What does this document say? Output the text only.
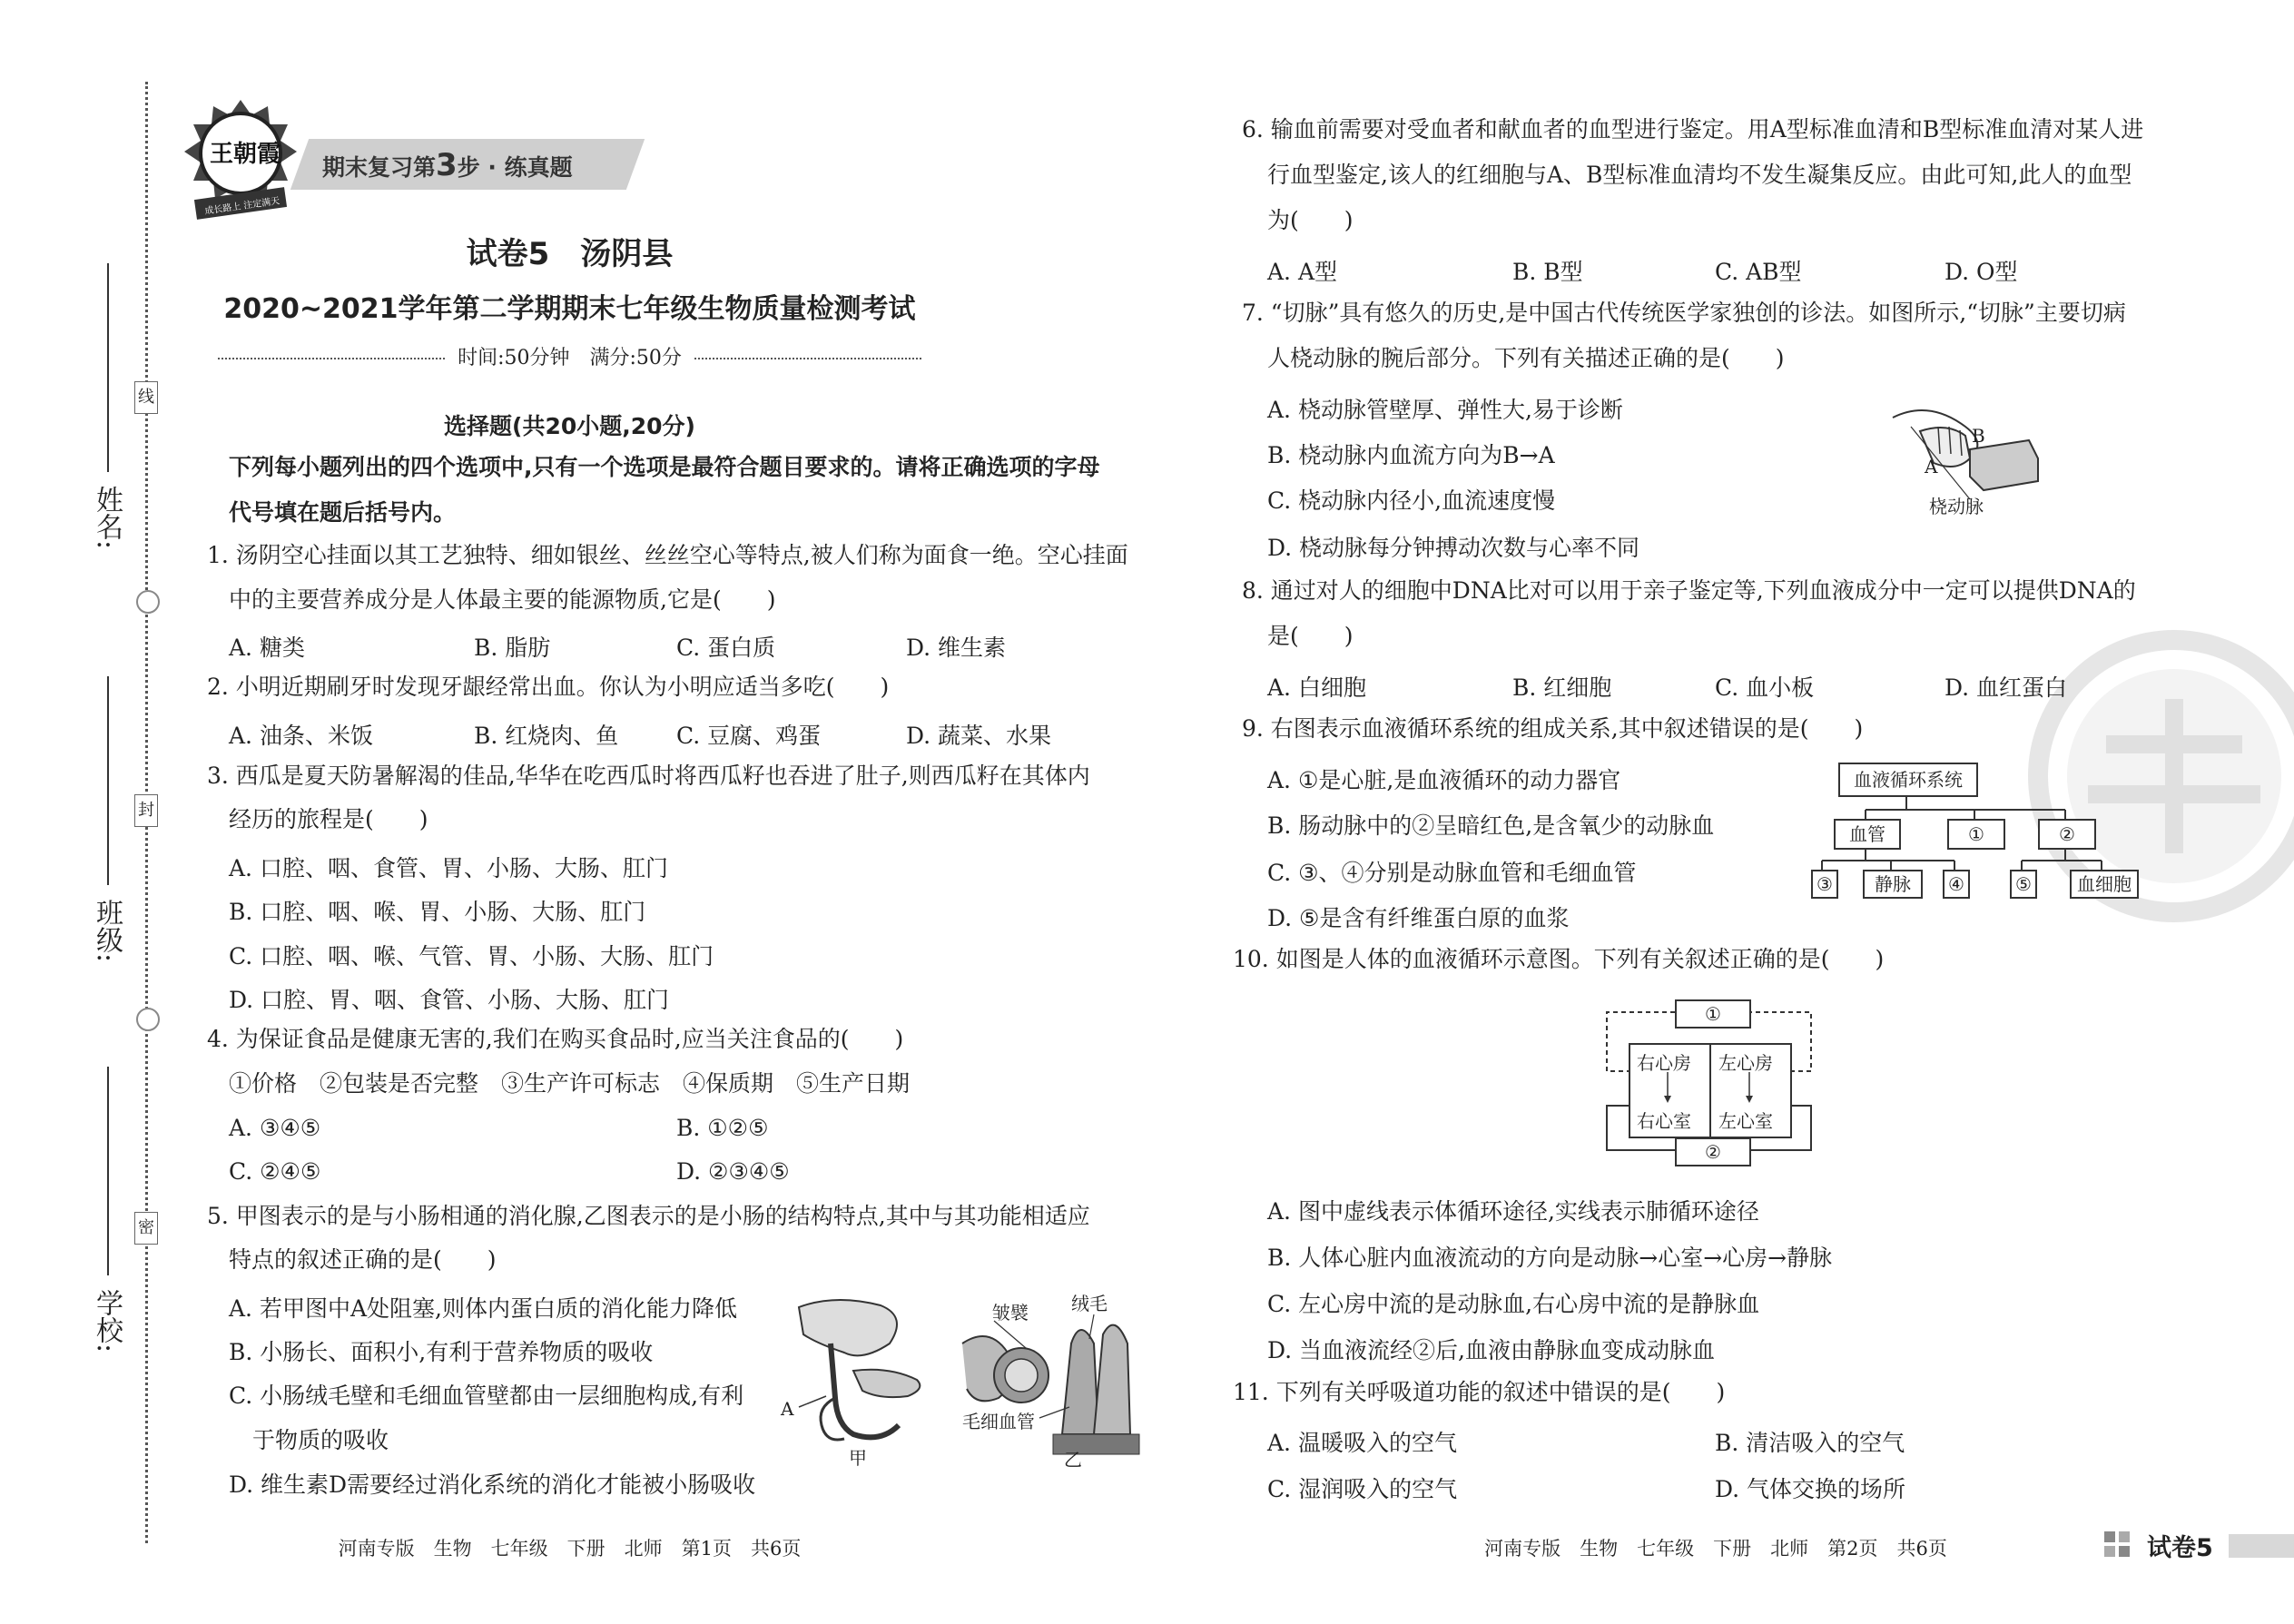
线
封
密
姓名:
班级:
学校:
王朝霞
成长路上 注定满天
期末复习第3步 · 练真题
试卷5　汤阴县
2020~2021学年第二学期期末七年级生物质量检测考试
时间:50分钟　满分:50分
选择题(共20小题,20分)
下列每小题列出的四个选项中,只有一个选项是最符合题目要求的。请将正确选项的字母
代号填在题后括号内。
1. 汤阴空心挂面以其工艺独特、细如银丝、丝丝空心等特点,被人们称为面食一绝。空心挂面
中的主要营养成分是人体最主要的能源物质,它是(　　)
A. 糖类	B. 脂肪	C. 蛋白质	D. 维生素
2. 小明近期刷牙时发现牙龈经常出血。你认为小明应适当多吃(　　)
A. 油条、米饭	B. 红烧肉、鱼	C. 豆腐、鸡蛋	D. 蔬菜、水果
3. 西瓜是夏天防暑解渴的佳品,华华在吃西瓜时将西瓜籽也吞进了肚子,则西瓜籽在其体内
经历的旅程是(　　)
A. 口腔、咽、食管、胃、小肠、大肠、肛门
B. 口腔、咽、喉、胃、小肠、大肠、肛门
C. 口腔、咽、喉、气管、胃、小肠、大肠、肛门
D. 口腔、胃、咽、食管、小肠、大肠、肛门
4. 为保证食品是健康无害的,我们在购买食品时,应当关注食品的(　　)
①价格　②包装是否完整　③生产许可标志　④保质期　⑤生产日期
A. ③④⑤	B. ①②⑤
C. ②④⑤	D. ②③④⑤
5. 甲图表示的是与小肠相通的消化腺,乙图表示的是小肠的结构特点,其中与其功能相适应
特点的叙述正确的是(　　)
A. 若甲图中A处阻塞,则体内蛋白质的消化能力降低
B. 小肠长、面积小,有利于营养物质的吸收
C. 小肠绒毛壁和毛细血管壁都由一层细胞构成,有利
于物质的吸收
D. 维生素D需要经过消化系统的消化才能被小肠吸收
A
甲	乙
皱襞 绒毛
毛细血管
河南专版　生物　七年级　下册　北师　第1页　共6页
6. 输血前需要对受血者和献血者的血型进行鉴定。用A型标准血清和B型标准血清对某人进
行血型鉴定,该人的红细胞与A、B型标准血清均不发生凝集反应。由此可知,此人的血型
为(　　)
A. A型	B. B型	C. AB型	D. O型
7. “切脉”具有悠久的历史,是中国古代传统医学家独创的诊法。如图所示,“切脉”主要切病
人桡动脉的腕后部分。下列有关描述正确的是(　　)
A. 桡动脉管壁厚、弹性大,易于诊断
B. 桡动脉内血流方向为B→A
C. 桡动脉内径小,血流速度慢
D. 桡动脉每分钟搏动次数与心率不同
A
B
桡动脉
8. 通过对人的细胞中DNA比对可以用于亲子鉴定等,下列血液成分中一定可以提供DNA的
是(　　)
A. 白细胞	B. 红细胞	C. 血小板	D. 血红蛋白
9. 右图表示血液循环系统的组成关系,其中叙述错误的是(　　)
A. ①是心脏,是血液循环的动力器官
B. 肠动脉中的②呈暗红色,是含氧少的动脉血
C. ③、④分别是动脉血管和毛细血管
D. ⑤是含有纤维蛋白原的血浆
血液循环系统
血管	①	②
③	静脉	④	⑤	血细胞
10. 如图是人体的血液循环示意图。下列有关叙述正确的是(　　)
①
②
右心房 左心房
右心室 左心室
A. 图中虚线表示体循环途径,实线表示肺循环途径
B. 人体心脏内血液流动的方向是动脉→心室→心房→静脉
C. 左心房中流的是动脉血,右心房中流的是静脉血
D. 当血液流经②后,血液由静脉血变成动脉血
11. 下列有关呼吸道功能的叙述中错误的是(　　)
A. 温暖吸入的空气	B. 清洁吸入的空气
C. 湿润吸入的空气	D. 气体交换的场所
河南专版　生物　七年级　下册　北师　第2页　共6页	试卷5
